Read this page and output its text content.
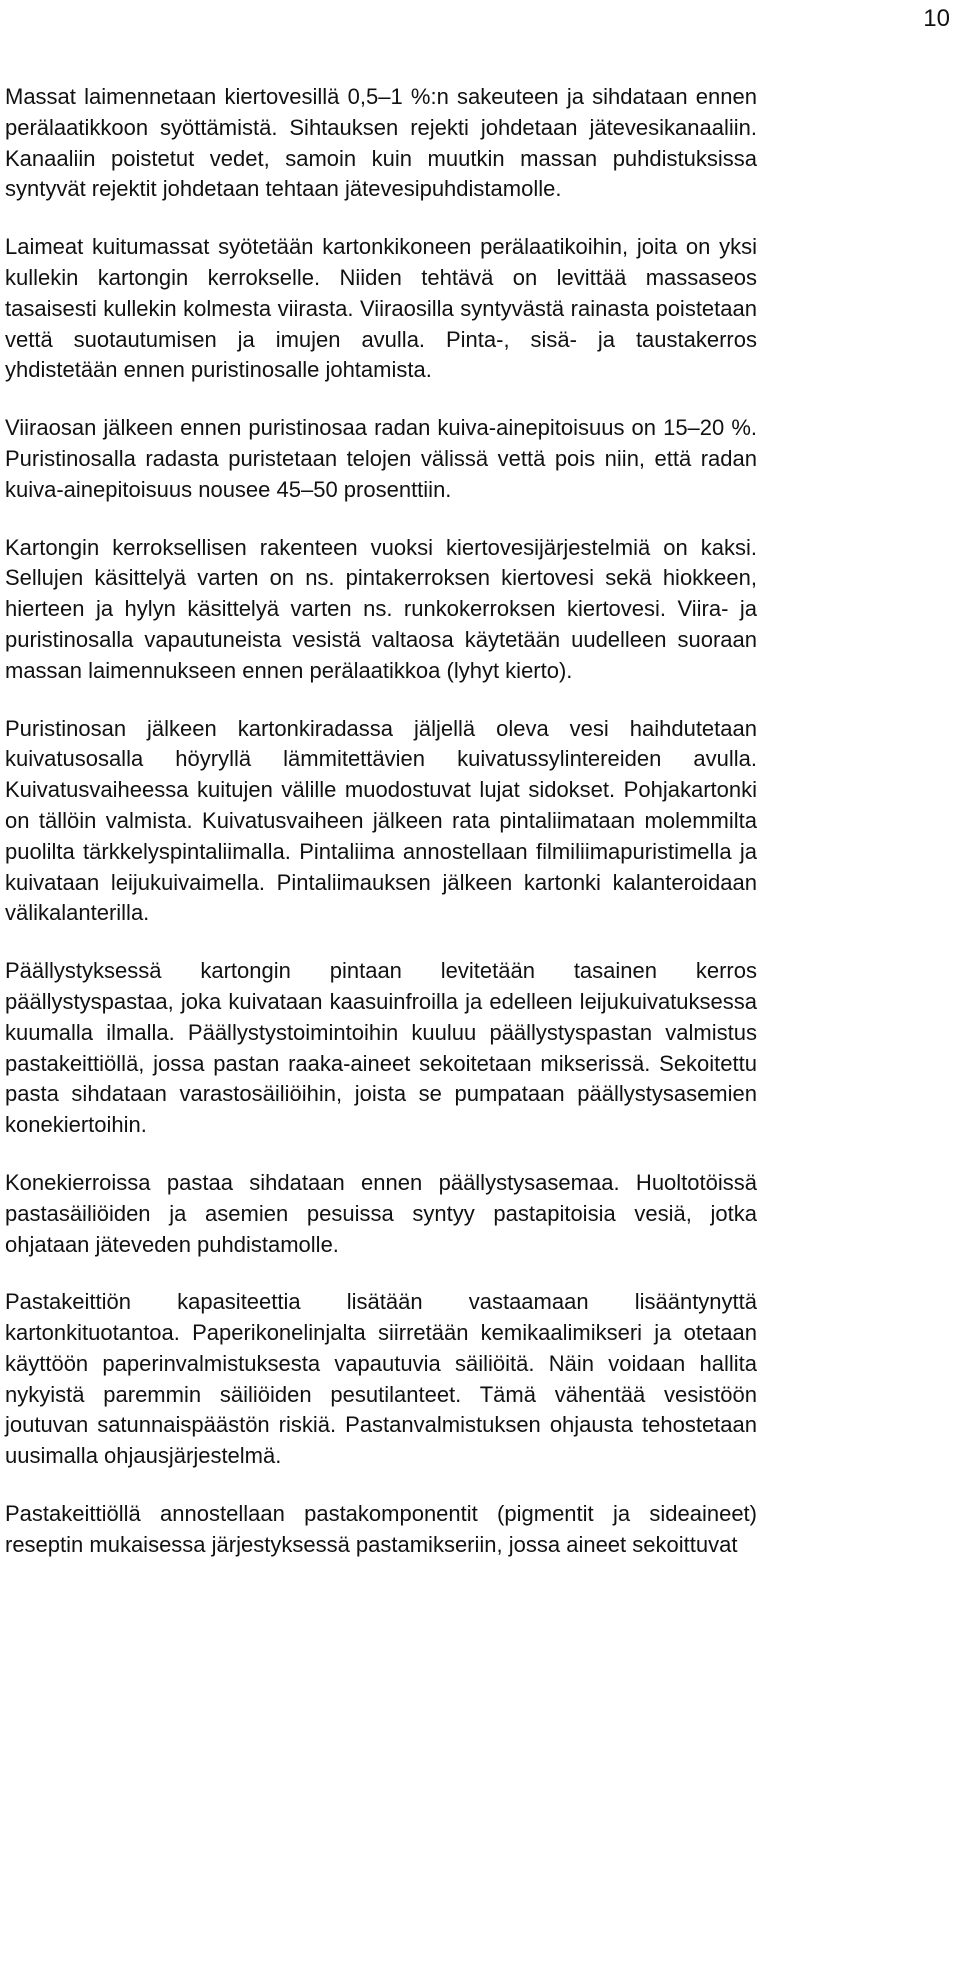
10

Massat laimennetaan kiertovesillä 0,5–1 %:n sakeuteen ja sihdataan ennen perälaatikkoon syöttämistä. Sihtauksen rejekti johdetaan jätevesikanaaliin. Kanaaliin poistetut vedet, samoin kuin muutkin massan puhdistuksissa syntyvät rejektit johdetaan tehtaan jätevesipuhdistamolle.

Laimeat kuitumassat syötetään kartonkikoneen perälaatikoihin, joita on yksi kullekin kartongin kerrokselle. Niiden tehtävä on levittää massaseos tasaisesti kullekin kolmesta viirasta. Viiraosilla syntyvästä rainasta poistetaan vettä suotautumisen ja imujen avulla. Pinta-, sisä- ja taustakerros yhdistetään ennen puristinosalle johtamista.

Viiraosan jälkeen ennen puristinosaa radan kuiva-ainepitoisuus on 15–20 %. Puristinosalla radasta puristetaan telojen välissä vettä pois niin, että radan kuiva-ainepitoisuus nousee 45–50 prosenttiin.

Kartongin kerroksellisen rakenteen vuoksi kiertovesijärjestelmiä on kaksi. Sellujen käsittelyä varten on ns. pintakerroksen kiertovesi sekä hiokkeen, hierteen ja hylyn käsittelyä varten ns. runkokerroksen kiertovesi. Viira- ja puristinosalla vapautuneista vesistä valtaosa käytetään uudelleen suoraan massan laimennukseen ennen perälaatikkoa (lyhyt kierto).

Puristinosan jälkeen kartonkiradassa jäljellä oleva vesi haihdutetaan kuivatusosalla höyryllä lämmitettävien kuivatussylintereiden avulla. Kuivatusvaiheessa kuitujen välille muodostuvat lujat sidokset. Pohjakartonki on tällöin valmista. Kuivatusvaiheen jälkeen rata pintaliimataan molemmilta puolilta tärkkelyspintaliimalla. Pintaliima annostellaan filmiliimapuristimella ja kuivataan leijukuivaimella. Pintaliimauksen jälkeen kartonki kalanteroidaan välikalanterilla.

Päällystyksessä kartongin pintaan levitetään tasainen kerros päällystyspastaa, joka kuivataan kaasuinfroilla ja edelleen leijukuivatuksessa kuumalla ilmalla. Päällystystoimintoihin kuuluu päällystyspastan valmistus pastakeittiöllä, jossa pastan raaka-aineet sekoitetaan mikserissä. Sekoitettu pasta sihdataan varastosäiliöihin, joista se pumpataan päällystysasemien konekiertoihin.

Konekierroissa pastaa sihdataan ennen päällystysasemaa. Huoltotöissä pastasäiliöiden ja asemien pesuissa syntyy pastapitoisia vesiä, jotka ohjataan jäteveden puhdistamolle.

Pastakeittiön kapasiteettia lisätään vastaamaan lisääntynyttä kartonkituotantoa. Paperikonelinjalta siirretään kemikaalimikseri ja otetaan käyttöön paperinvalmistuksesta vapautuvia säiliöitä. Näin voidaan hallita nykyistä paremmin säiliöiden pesutilanteet. Tämä vähentää vesistöön joutuvan satunnaispäästön riskiä. Pastanvalmistuksen ohjausta tehostetaan uusimalla ohjausjärjestelmä.

Pastakeittiöllä annostellaan pastakomponentit (pigmentit ja sideaineet) reseptin mukaisessa järjestyksessä pastamikseriin, jossa aineet sekoittuvat
